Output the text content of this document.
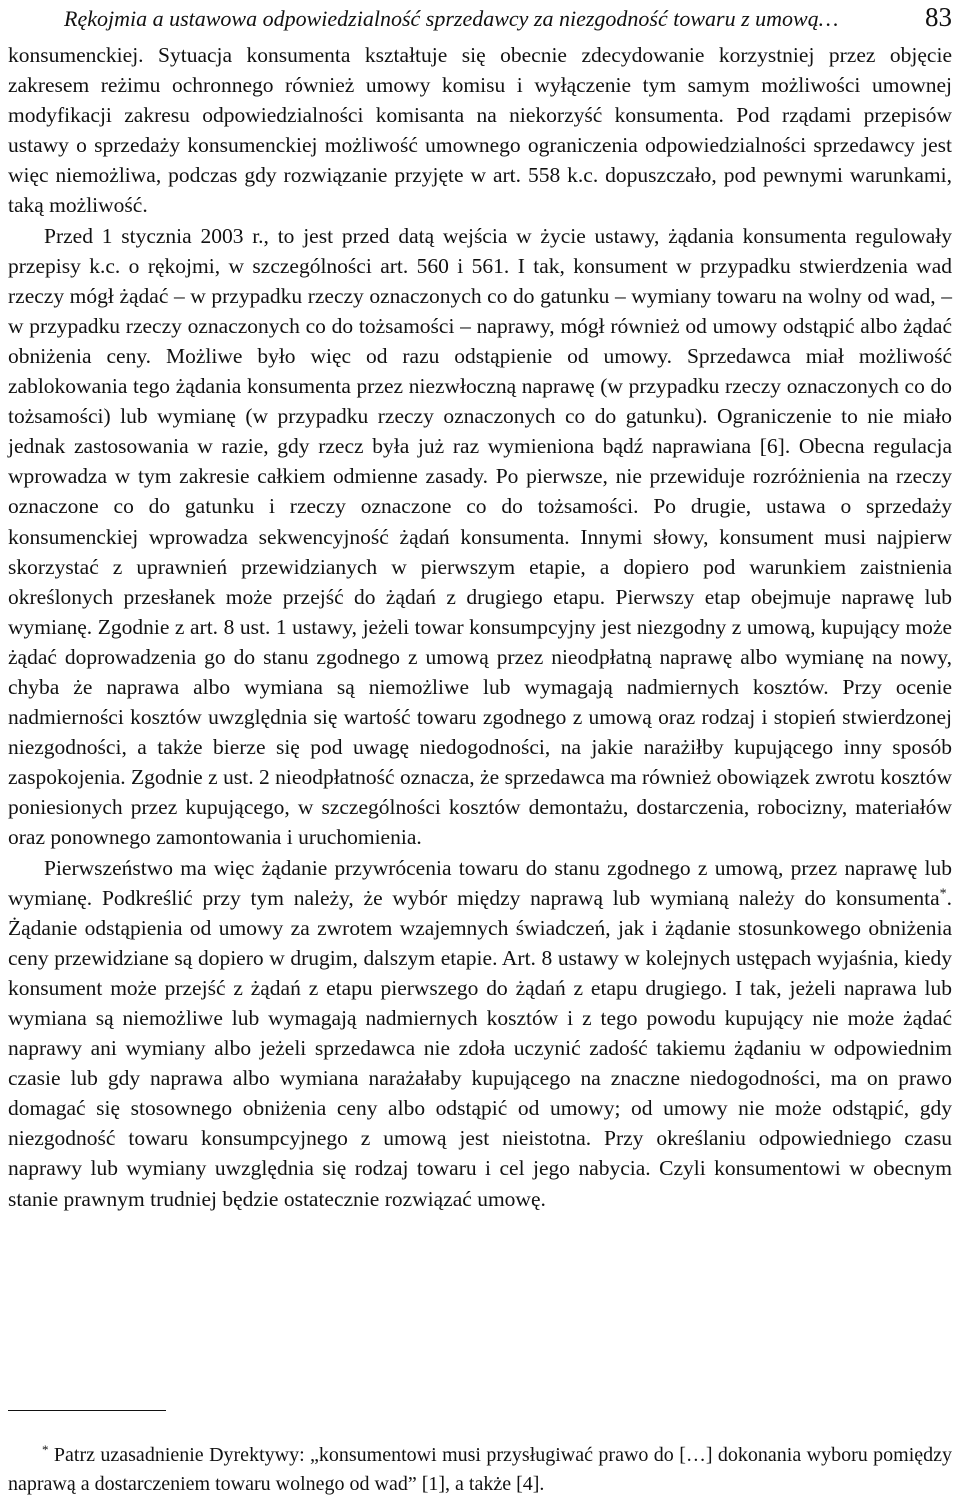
Rękojmia a ustawowa odpowiedzialność sprzedawcy za niezgodność towaru z umową…	83

konsumenckiej. Sytuacja konsumenta kształtuje się obecnie zdecydowanie korzystniej przez objęcie zakresem reżimu ochronnego również umowy komisu i wyłączenie tym samym możliwości umownej modyfikacji zakresu odpowiedzialności komisanta na niekorzyść konsumenta. Pod rządami przepisów ustawy o sprzedaży konsumenckiej możliwość umownego ograniczenia odpowiedzialności sprzedawcy jest więc niemożliwa, podczas gdy rozwiązanie przyjęte w art. 558 k.c. dopuszczało, pod pewnymi warunkami, taką możliwość.

Przed 1 stycznia 2003 r., to jest przed datą wejścia w życie ustawy, żądania konsumenta regulowały przepisy k.c. o rękojmi, w szczególności art. 560 i 561. I tak, konsument w przypadku stwierdzenia wad rzeczy mógł żądać – w przypadku rzeczy oznaczonych co do gatunku – wymiany towaru na wolny od wad, – w przypadku rzeczy oznaczonych co do tożsamości – naprawy, mógł również od umowy odstąpić albo żądać obniżenia ceny. Możliwe było więc od razu odstąpienie od umowy. Sprzedawca miał możliwość zablokowania tego żądania konsumenta przez niezwłoczną naprawę (w przypadku rzeczy oznaczonych co do tożsamości) lub wymianę (w przypadku rzeczy oznaczonych co do gatunku). Ograniczenie to nie miało jednak zastosowania w razie, gdy rzecz była już raz wymieniona bądź naprawiana [6]. Obecna regulacja wprowadza w tym zakresie całkiem odmienne zasady. Po pierwsze, nie przewiduje rozróżnienia na rzeczy oznaczone co do gatunku i rzeczy oznaczone co do tożsamości. Po drugie, ustawa o sprzedaży konsumenckiej wprowadza sekwencyjność żądań konsumenta. Innymi słowy, konsument musi najpierw skorzystać z uprawnień przewidzianych w pierwszym etapie, a dopiero pod warunkiem zaistnienia określonych przesłanek może przejść do żądań z drugiego etapu. Pierwszy etap obejmuje naprawę lub wymianę. Zgodnie z art. 8 ust. 1 ustawy, jeżeli towar konsumpcyjny jest niezgodny z umową, kupujący może żądać doprowadzenia go do stanu zgodnego z umową przez nieodpłatną naprawę albo wymianę na nowy, chyba że naprawa albo wymiana są niemożliwe lub wymagają nadmiernych kosztów. Przy ocenie nadmierności kosztów uwzględnia się wartość towaru zgodnego z umową oraz rodzaj i stopień stwierdzonej niezgodności, a także bierze się pod uwagę niedogodności, na jakie narażiłby kupującego inny sposób zaspokojenia. Zgodnie z ust. 2 nieodpłatność oznacza, że sprzedawca ma również obowiązek zwrotu kosztów poniesionych przez kupującego, w szczególności kosztów demontażu, dostarczenia, robocizny, materiałów oraz ponownego zamontowania i uruchomienia.

Pierwszeństwo ma więc żądanie przywrócenia towaru do stanu zgodnego z umową, przez naprawę lub wymianę. Podkreślić przy tym należy, że wybór między naprawą lub wymianą należy do konsumenta*. Żądanie odstąpienia od umowy za zwrotem wzajemnych świadczeń, jak i żądanie stosunkowego obniżenia ceny przewidziane są dopiero w drugim, dalszym etapie. Art. 8 ustawy w kolejnych ustępach wyjaśnia, kiedy konsument może przejść z żądań z etapu pierwszego do żądań z etapu drugiego. I tak, jeżeli naprawa lub wymiana są niemożliwe lub wymagają nadmiernych kosztów i z tego powodu kupujący nie może żądać naprawy ani wymiany albo jeżeli sprzedawca nie zdoła uczynić zadość takiemu żądaniu w odpowiednim czasie lub gdy naprawa albo wymiana narażałaby kupującego na znaczne niedogodności, ma on prawo domagać się stosownego obniżenia ceny albo odstąpić od umowy; od umowy nie może odstąpić, gdy niezgodność towaru konsumpcyjnego z umową jest nieistotna. Przy określaniu odpowiedniego czasu naprawy lub wymiany uwzględnia się rodzaj towaru i cel jego nabycia. Czyli konsumentowi w obecnym stanie prawnym trudniej będzie ostatecznie rozwiązać umowę.

* Patrz uzasadnienie Dyrektywy: „konsumentowi musi przysługiwać prawo do […] dokonania wyboru pomiędzy naprawą a dostarczeniem towaru wolnego od wad” [1], a także [4].
